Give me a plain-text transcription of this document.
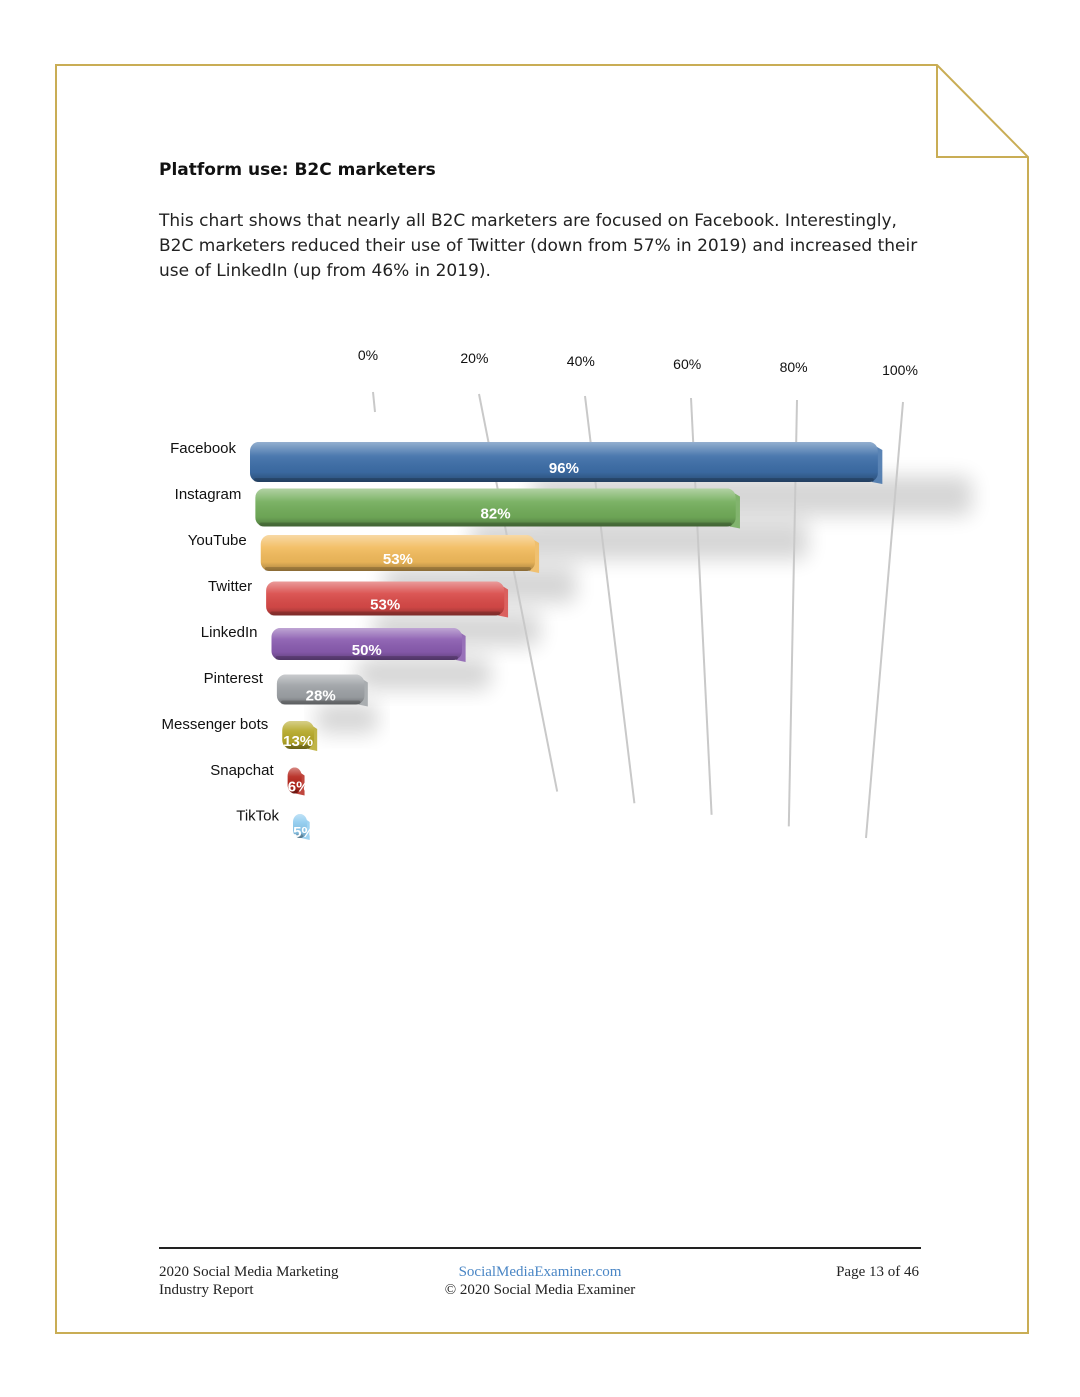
Platform use: B2C marketers
This chart shows that nearly all B2C marketers are focused on Facebook. Interestingly,
B2C marketers reduced their use of Twitter (down from 57% in 2019) and increased their
use of LinkedIn (up from 46% in 2019).
0%	20%	40%	60%	80%	100%
TikTok
Snapchat
Messenger bots
Pinterest
LinkedIn
Twitter
YouTube
Instagram
Facebook
5%
6%
13%
28%
50%
53%
53%
82%
96%
2020 Social Media Marketing
Industry Report
SocialMediaExaminer.com
© 2020 Social Media Examiner
Page 13 of 46
